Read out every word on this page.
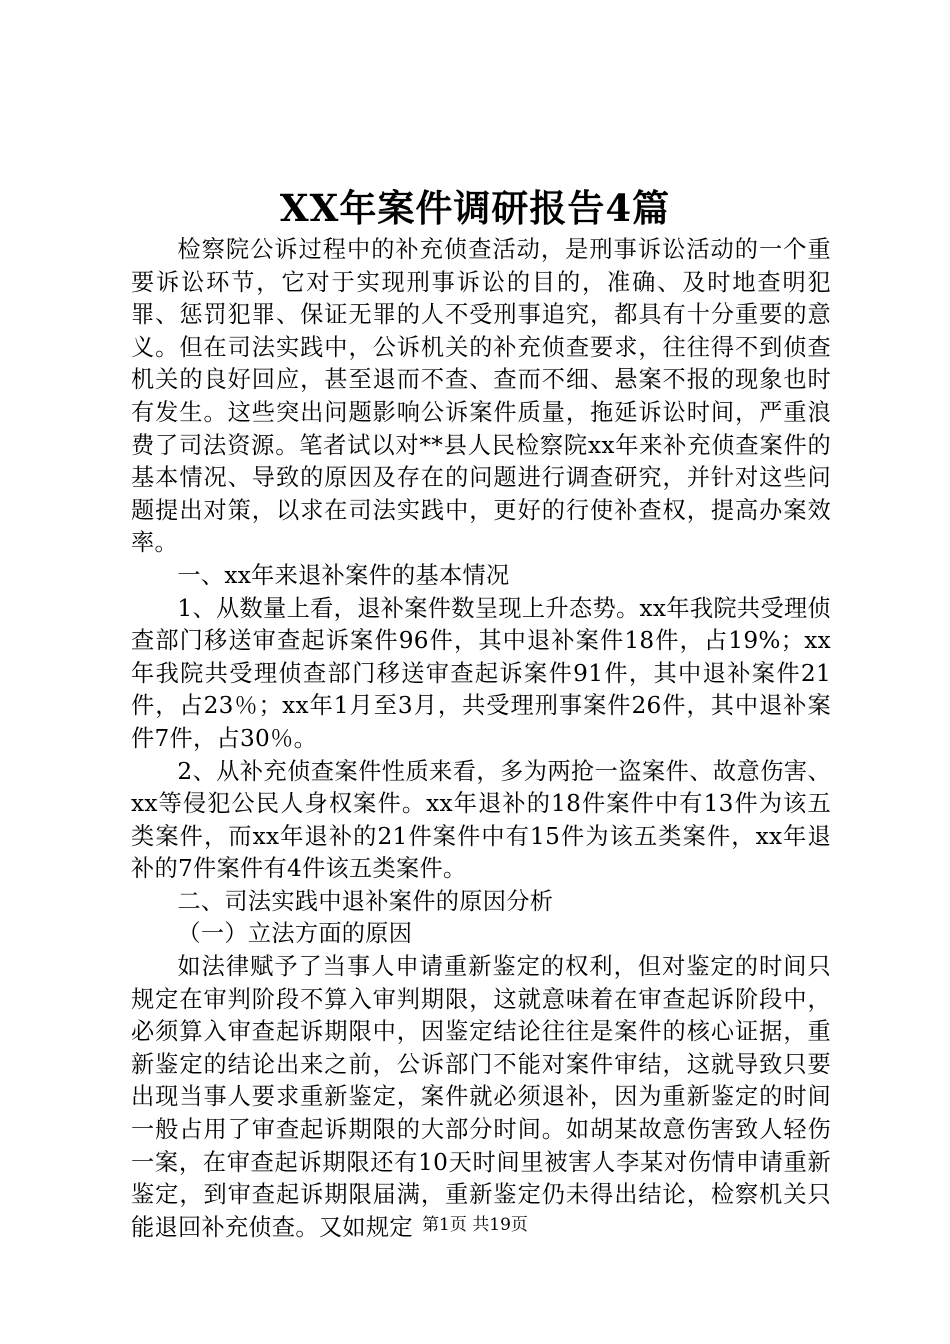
XX年案件调研报告4篇

检察院公诉过程中的补充侦查活动，是刑事诉讼活动的一个重要诉讼环节，它对于实现刑事诉讼的目的，准确、及时地查明犯罪、惩罚犯罪、保证无罪的人不受刑事追究，都具有十分重要的意义。但在司法实践中，公诉机关的补充侦查要求，往往得不到侦查机关的良好回应，甚至退而不查、查而不细、悬案不报的现象也时有发生。这些突出问题影响公诉案件质量，拖延诉讼时间，严重浪费了司法资源。笔者试以对**县人民检察院xx年来补充侦查案件的基本情况、导致的原因及存在的问题进行调查研究，并针对这些问题提出对策，以求在司法实践中，更好的行使补查权，提高办案效率。

一、xx年来退补案件的基本情况

1、从数量上看，退补案件数呈现上升态势。xx年我院共受理侦查部门移送审查起诉案件96件，其中退补案件18件，占19%；xx年我院共受理侦查部门移送审查起诉案件91件，其中退补案件21件，占23％；xx年1月至3月，共受理刑事案件26件，其中退补案件7件，占30％。

2、从补充侦查案件性质来看，多为两抢一盗案件、故意伤害、xx等侵犯公民人身权案件。xx年退补的18件案件中有13件为该五类案件，而xx年退补的21件案件中有15件为该五类案件，xx年退补的7件案件有4件该五类案件。

二、司法实践中退补案件的原因分析

（一）立法方面的原因

如法律赋予了当事人申请重新鉴定的权利，但对鉴定的时间只规定在审判阶段不算入审判期限，这就意味着在审查起诉阶段中，必须算入审查起诉期限中，因鉴定结论往往是案件的核心证据，重新鉴定的结论出来之前，公诉部门不能对案件审结，这就导致只要出现当事人要求重新鉴定，案件就必须退补，因为重新鉴定的时间一般占用了审查起诉期限的大部分时间。如胡某故意伤害致人轻伤一案，在审查起诉期限还有10天时间里被害人李某对伤情申请重新鉴定，到审查起诉期限届满，重新鉴定仍未得出结论，检察机关只能退回补充侦查。又如规定 第1页 共19页
